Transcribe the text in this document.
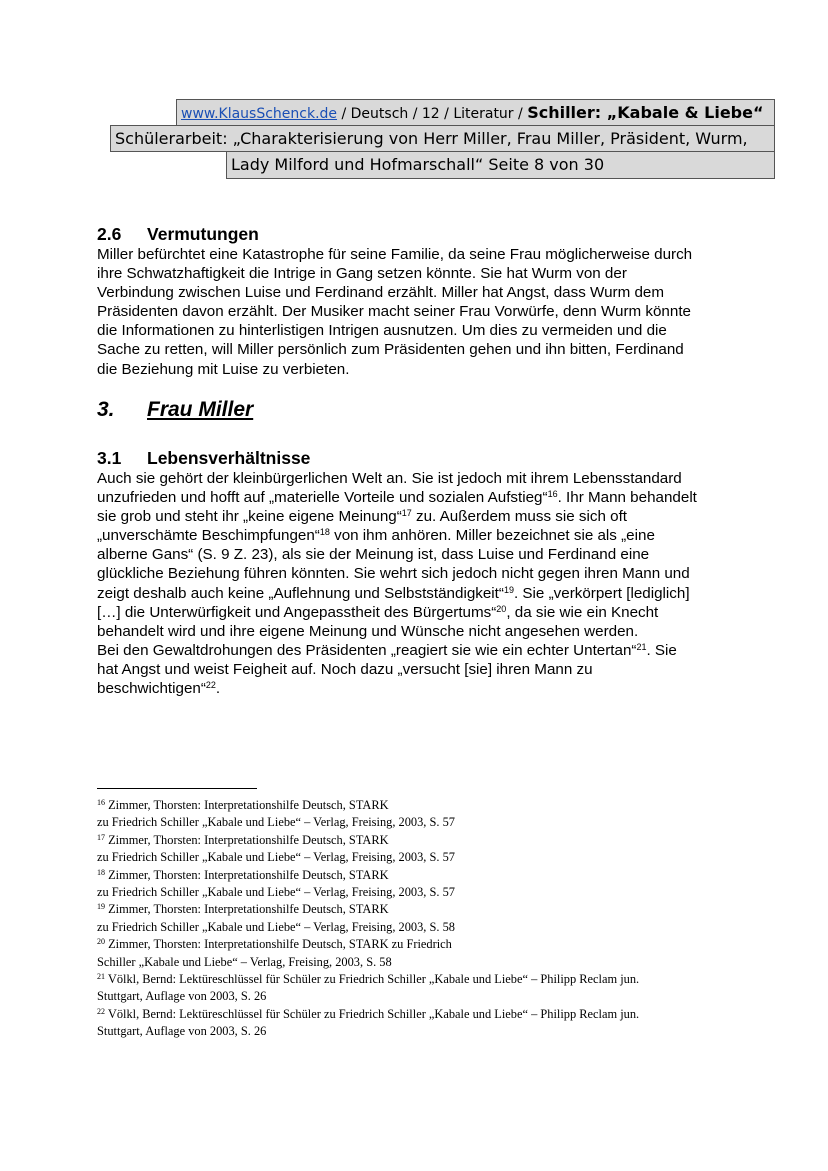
www.KlausSchenck.de / Deutsch / 12 / Literatur / Schiller: „Kabale & Liebe“
Schülerarbeit: „Charakterisierung von Herr Miller, Frau Miller, Präsident, Wurm,
Lady Milford und Hofmarschall“ Seite 8 von 30
2.6 Vermutungen
Miller befürchtet eine Katastrophe für seine Familie, da seine Frau möglicherweise durch
ihre Schwatzhaftigkeit die Intrige in Gang setzen könnte. Sie hat Wurm von der
Verbindung zwischen Luise und Ferdinand erzählt. Miller hat Angst, dass Wurm dem
Präsidenten davon erzählt. Der Musiker macht seiner Frau Vorwürfe, denn Wurm könnte
die Informationen zu hinterlistigen Intrigen ausnutzen. Um dies zu vermeiden und die
Sache zu retten, will Miller persönlich zum Präsidenten gehen und ihn bitten, Ferdinand
die Beziehung mit Luise zu verbieten.
3. Frau Miller
3.1 Lebensverhältnisse
Auch sie gehört der kleinbürgerlichen Welt an. Sie ist jedoch mit ihrem Lebensstandard
unzufrieden und hofft auf „materielle Vorteile und sozialen Aufstieg“$^{16}$. Ihr Mann behandelt
sie grob und steht ihr „keine eigene Meinung“$^{17}$ zu. Außerdem muss sie sich oft
„unverschämte Beschimpfungen“$^{18}$ von ihm anhören. Miller bezeichnet sie als „eine
alberne Gans“ (S. 9 Z. 23), als sie der Meinung ist, dass Luise und Ferdinand eine
glückliche Beziehung führen könnten. Sie wehrt sich jedoch nicht gegen ihren Mann und
zeigt deshalb auch keine „Auflehnung und Selbstständigkeit“$^{19}$. Sie „verkörpert [lediglich]
[…] die Unterwürfigkeit und Angepasstheit des Bürgertums“$^{20}$, da sie wie ein Knecht
behandelt wird und ihre eigene Meinung und Wünsche nicht angesehen werden.
Bei den Gewaltdrohungen des Präsidenten „reagiert sie wie ein echter Untertan“$^{21}$. Sie
hat Angst und weist Feigheit auf. Noch dazu „versucht [sie] ihren Mann zu
beschwichtigen“$^{22}$.
$^{16}$ Zimmer, Thorsten: Interpretationshilfe Deutsch, STARK
zu Friedrich Schiller „Kabale und Liebe“ – Verlag, Freising, 2003, S. 57
$^{17}$ Zimmer, Thorsten: Interpretationshilfe Deutsch, STARK
zu Friedrich Schiller „Kabale und Liebe“ – Verlag, Freising, 2003, S. 57
$^{18}$ Zimmer, Thorsten: Interpretationshilfe Deutsch, STARK
zu Friedrich Schiller „Kabale und Liebe“ – Verlag, Freising, 2003, S. 57
$^{19}$ Zimmer, Thorsten: Interpretationshilfe Deutsch, STARK
zu Friedrich Schiller „Kabale und Liebe“ – Verlag, Freising, 2003, S. 58
$^{20}$ Zimmer, Thorsten: Interpretationshilfe Deutsch, STARK zu Friedrich
Schiller „Kabale und Liebe“ – Verlag, Freising, 2003, S. 58
$^{21}$ Völkl, Bernd: Lektüreschlüssel für Schüler zu Friedrich Schiller „Kabale und Liebe“ – Philipp Reclam jun.
Stuttgart, Auflage von 2003, S. 26
$^{22}$ Völkl, Bernd: Lektüreschlüssel für Schüler zu Friedrich Schiller „Kabale und Liebe“ – Philipp Reclam jun.
Stuttgart, Auflage von 2003, S. 26
